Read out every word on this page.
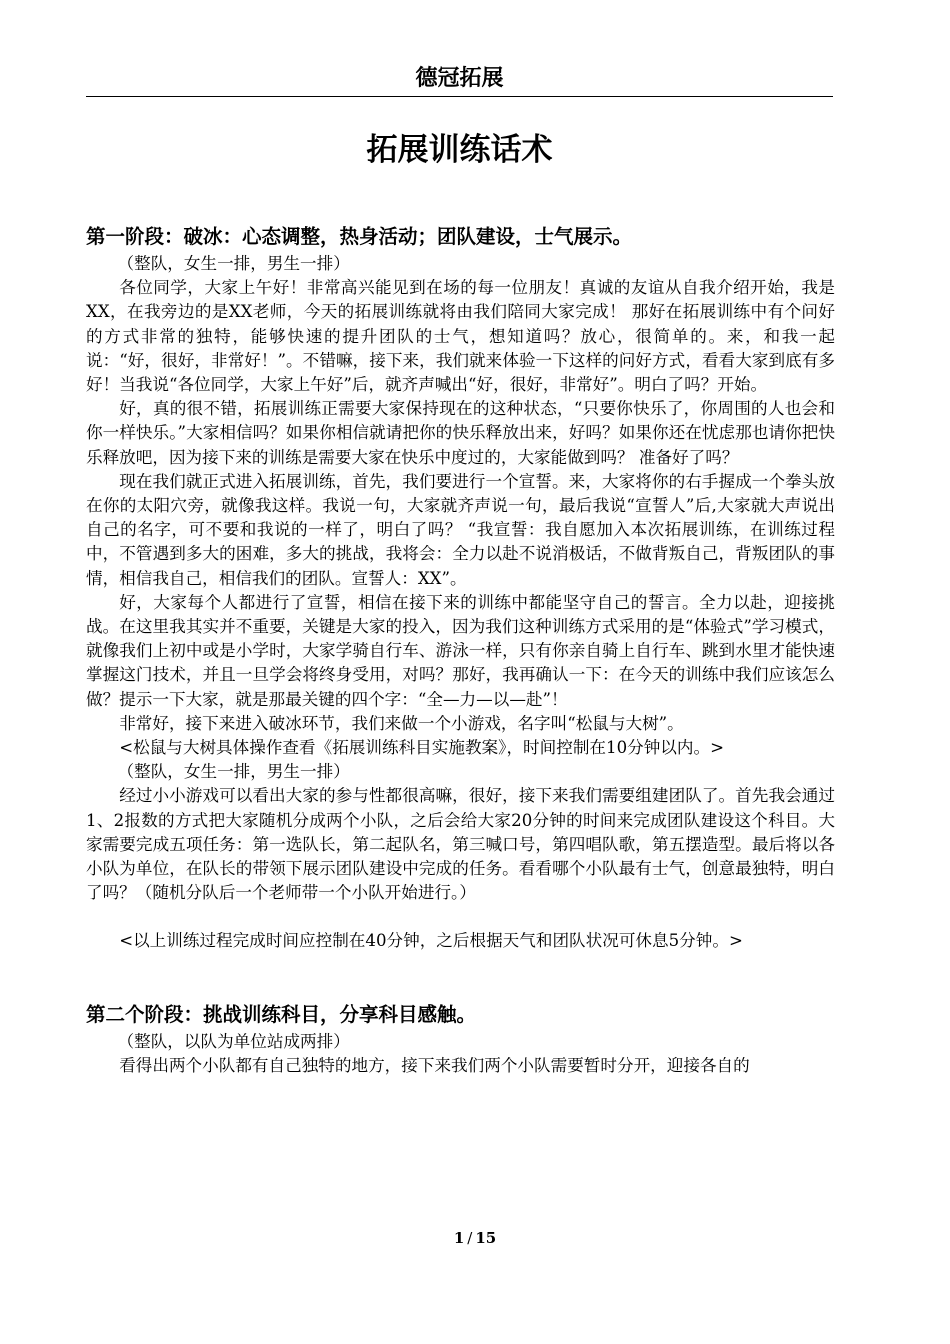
德冠拓展
拓展训练话术
第一阶段：破冰：心态调整，热身活动；团队建设，士气展示。

（整队，女生一排，男生一排）

各位同学，大家上午好！非常高兴能见到在场的每一位朋友！真诚的友谊从自我介绍开始，我是XX，在我旁边的是XX老师，今天的拓展训练就将由我们陪同大家完成！ 那好在拓展训练中有个问好的方式非常的独特，能够快速的提升团队的士气，想知道吗？放心，很简单的。来，和我一起说：“好，很好，非常好！”。不错嘛，接下来，我们就来体验一下这样的问好方式，看看大家到底有多好！当我说“各位同学，大家上午好”后，就齐声喊出“好，很好，非常好”。明白了吗？开始。

好，真的很不错，拓展训练正需要大家保持现在的这种状态，“只要你快乐了，你周围的人也会和你一样快乐。”大家相信吗？如果你相信就请把你的快乐释放出来，好吗？如果你还在忧虑那也请你把快乐释放吧，因为接下来的训练是需要大家在快乐中度过的，大家能做到吗？ 准备好了吗？

现在我们就正式进入拓展训练，首先，我们要进行一个宣誓。来，大家将你的右手握成一个拳头放在你的太阳穴旁，就像我这样。我说一句，大家就齐声说一句，最后我说“宣誓人”后,大家就大声说出自己的名字，可不要和我说的一样了，明白了吗？ “我宣誓：我自愿加入本次拓展训练，在训练过程中，不管遇到多大的困难，多大的挑战，我将会：全力以赴不说消极话，不做背叛自己，背叛团队的事情，相信我自己，相信我们的团队。宣誓人：XX”。

好，大家每个人都进行了宣誓，相信在接下来的训练中都能坚守自己的誓言。全力以赴，迎接挑战。在这里我其实并不重要，关键是大家的投入，因为我们这种训练方式采用的是“体验式”学习模式，就像我们上初中或是小学时，大家学骑自行车、游泳一样，只有你亲自骑上自行车、跳到水里才能快速掌握这门技术，并且一旦学会将终身受用，对吗？那好，我再确认一下：在今天的训练中我们应该怎么做？提示一下大家，就是那最关键的四个字：“全—力—以—赴”！

非常好，接下来进入破冰环节，我们来做一个小游戏，名字叫“松鼠与大树”。

<松鼠与大树具体操作查看《拓展训练科目实施教案》，时间控制在10分钟以内。>

（整队，女生一排，男生一排）

经过小小游戏可以看出大家的参与性都很高嘛，很好，接下来我们需要组建团队了。首先我会通过1、2报数的方式把大家随机分成两个小队，之后会给大家20分钟的时间来完成团队建设这个科目。大家需要完成五项任务：第一选队长，第二起队名，第三喊口号，第四唱队歌，第五摆造型。最后将以各小队为单位，在队长的带领下展示团队建设中完成的任务。看看哪个小队最有士气，创意最独特，明白了吗？（随机分队后一个老师带一个小队开始进行。）

<以上训练过程完成时间应控制在40分钟，之后根据天气和团队状况可休息5分钟。>

第二个阶段：挑战训练科目，分享科目感触。

（整队，以队为单位站成两排）

看得出两个小队都有自己独特的地方，接下来我们两个小队需要暂时分开，迎接各自的

1 / 15
